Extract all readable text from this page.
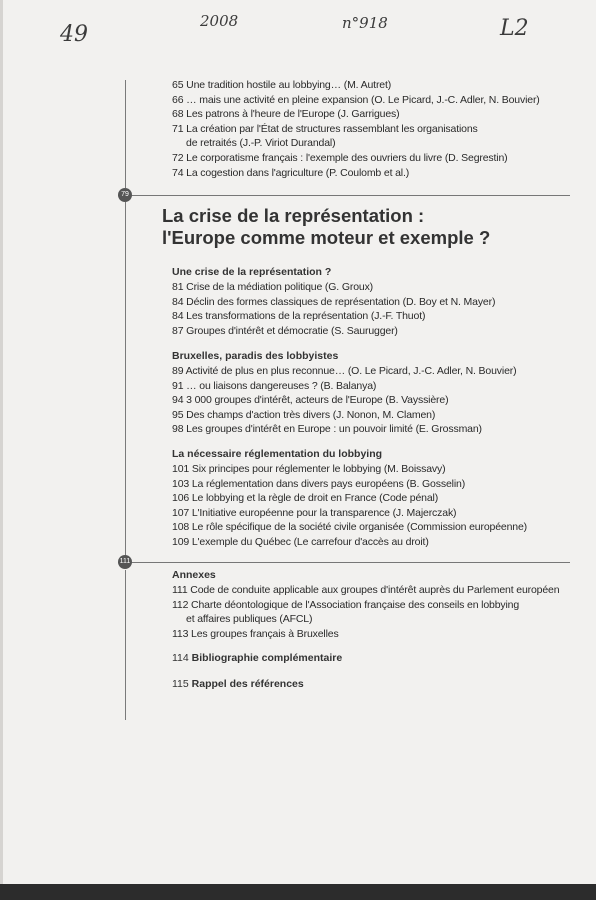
49
2008	n°918	L2
79
111
65 Une tradition hostile au lobbying… (M. Autret)
66 … mais une activité en pleine expansion (O. Le Picard, J.-C. Adler, N. Bouvier)
68 Les patrons à l'heure de l'Europe (J. Garrigues)
71 La création par l'État de structures rassemblant les organisations
de retraités (J.-P. Viriot Durandal)
72 Le corporatisme français : l'exemple des ouvriers du livre (D. Segrestin)
74 La cogestion dans l'agriculture (P. Coulomb et al.)
La crise de la représentation :
l'Europe comme moteur et exemple ?
Une crise de la représentation ?
81 Crise de la médiation politique (G. Groux)
84 Déclin des formes classiques de représentation (D. Boy et N. Mayer)
84 Les transformations de la représentation (J.-F. Thuot)
87 Groupes d'intérêt et démocratie (S. Saurugger)
Bruxelles, paradis des lobbyistes
89 Activité de plus en plus reconnue… (O. Le Picard, J.-C. Adler, N. Bouvier)
91 … ou liaisons dangereuses ? (B. Balanya)
94 3 000 groupes d'intérêt, acteurs de l'Europe (B. Vayssière)
95 Des champs d'action très divers (J. Nonon, M. Clamen)
98 Les groupes d'intérêt en Europe : un pouvoir limité (E. Grossman)
La nécessaire réglementation du lobbying
101 Six principes pour réglementer le lobbying (M. Boissavy)
103 La réglementation dans divers pays européens (B. Gosselin)
106 Le lobbying et la règle de droit en France (Code pénal)
107 L'Initiative européenne pour la transparence (J. Majerczak)
108 Le rôle spécifique de la société civile organisée (Commission européenne)
109 L'exemple du Québec (Le carrefour d'accès au droit)
Annexes
111 Code de conduite applicable aux groupes d'intérêt auprès du Parlement européen
112 Charte déontologique de l'Association française des conseils en lobbying
et affaires publiques (AFCL)
113 Les groupes français à Bruxelles
114 Bibliographie complémentaire
115 Rappel des références
